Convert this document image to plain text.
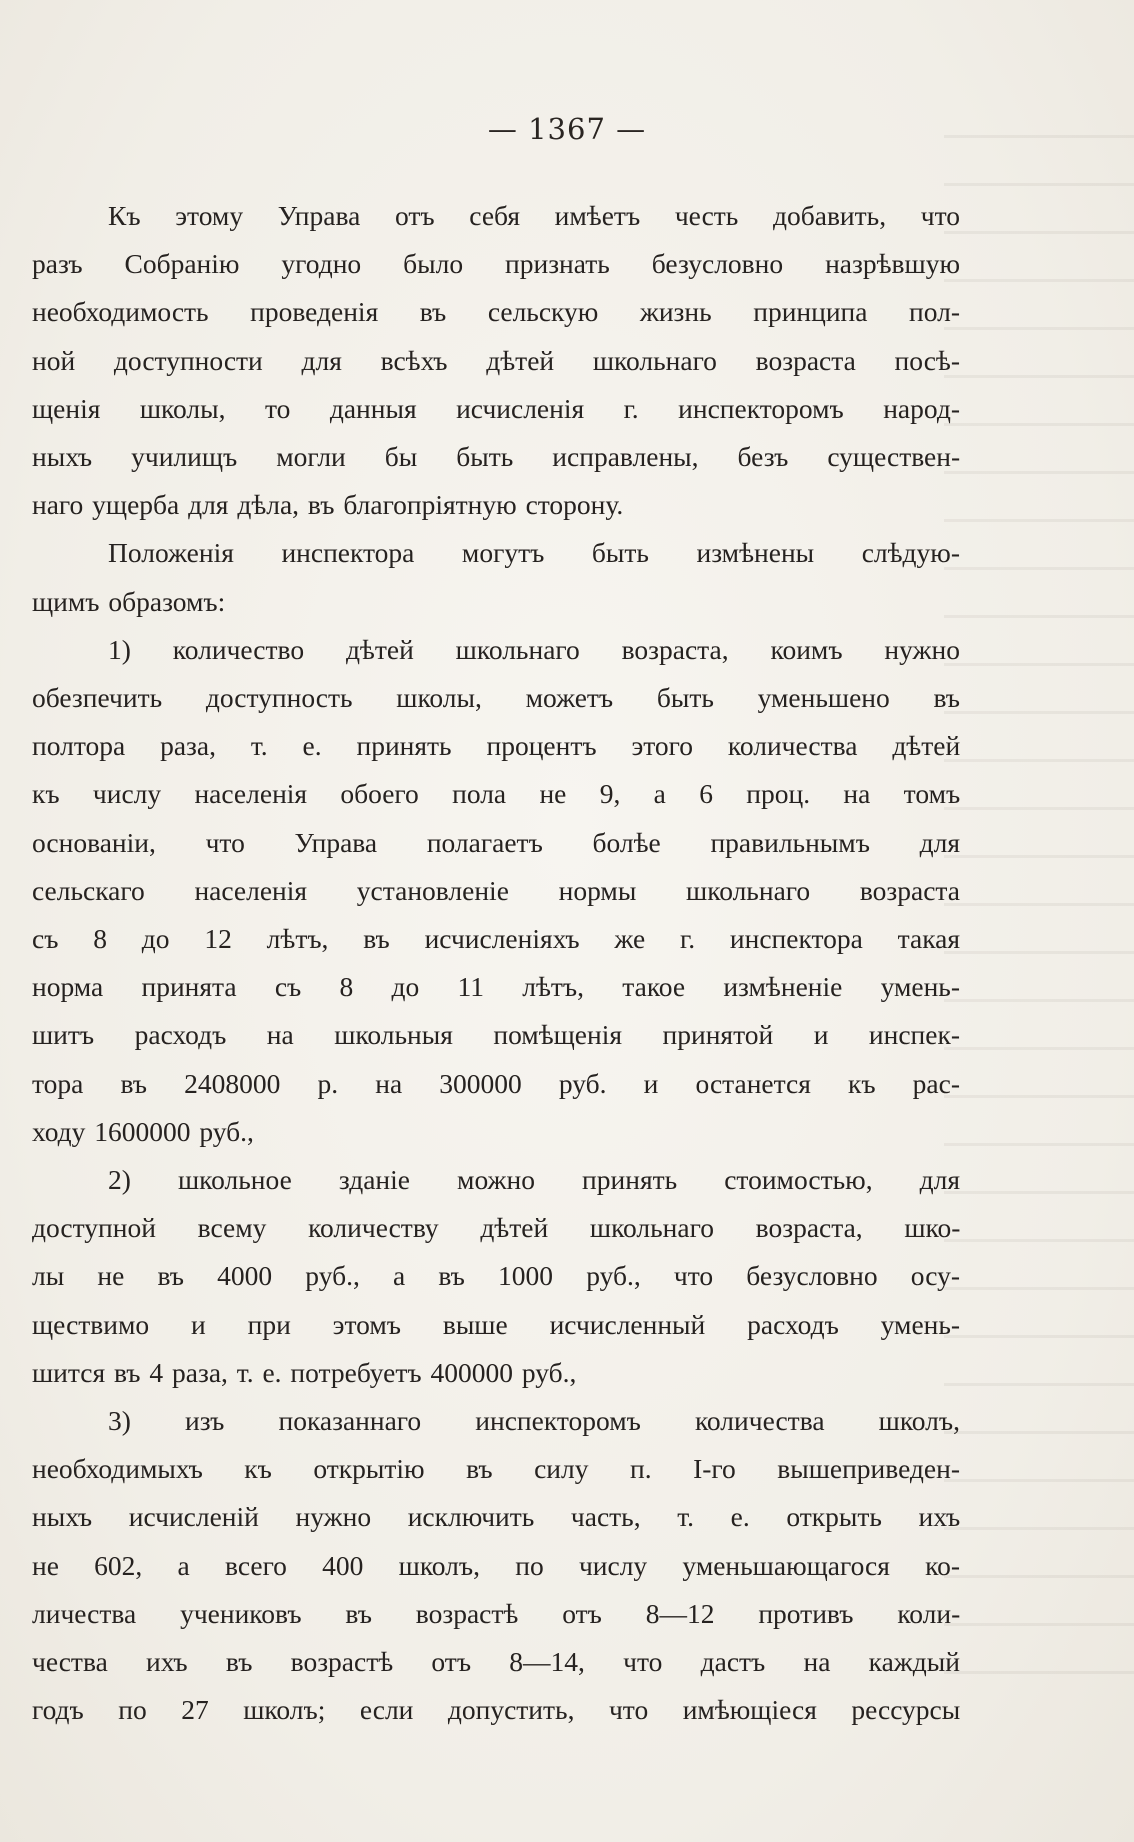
— 1367 —
Къ этому Управа отъ себя имѣетъ честь добавить, что
разъ Собранію угодно было признать безусловно назрѣвшую
необходимость проведенія въ сельскую жизнь принципа пол-
ной доступности для всѣхъ дѣтей школьнаго возраста посѣ-
щенія школы, то данныя исчисленія г. инспекторомъ народ-
ныхъ училищъ могли бы быть исправлены, безъ существен-
наго ущерба для дѣла, въ благопріятную сторону.
Положенія инспектора могутъ быть измѣнены слѣдую-
щимъ образомъ:
1) количество дѣтей школьнаго возраста, коимъ нужно
обезпечить доступность школы, можетъ быть уменьшено въ
полтора раза, т. е. принять процентъ этого количества дѣтей
къ числу населенія обоего пола не 9, а 6 проц. на томъ
основаніи, что Управа полагаетъ болѣе правильнымъ для
сельскаго населенія установленіе нормы школьнаго возраста
съ 8 до 12 лѣтъ, въ исчисленіяхъ же г. инспектора такая
норма принята съ 8 до 11 лѣтъ, такое измѣненіе умень-
шитъ расходъ на школьныя помѣщенія принятой и инспек-
тора въ 2408000 р. на 300000 руб. и останется къ рас-
ходу 1600000 руб.,
2) школьное зданіе можно принять стоимостью, для
доступной всему количеству дѣтей школьнаго возраста, шко-
лы не въ 4000 руб., а въ 1000 руб., что безусловно осу-
ществимо и при этомъ выше исчисленный расходъ умень-
шится въ 4 раза, т. е. потребуетъ 400000 руб.,
3) изъ показаннаго инспекторомъ количества школъ,
необходимыхъ къ открытію въ силу п. I-го вышеприведен-
ныхъ исчисленій нужно исключить часть, т. е. открыть ихъ
не 602, а всего 400 школъ, по числу уменьшающагося ко-
личества учениковъ въ возрастѣ отъ 8—12 противъ коли-
чества ихъ въ возрастѣ отъ 8—14, что дастъ на каждый
годъ по 27 школъ; если допустить, что имѣющіеся рессурсы
